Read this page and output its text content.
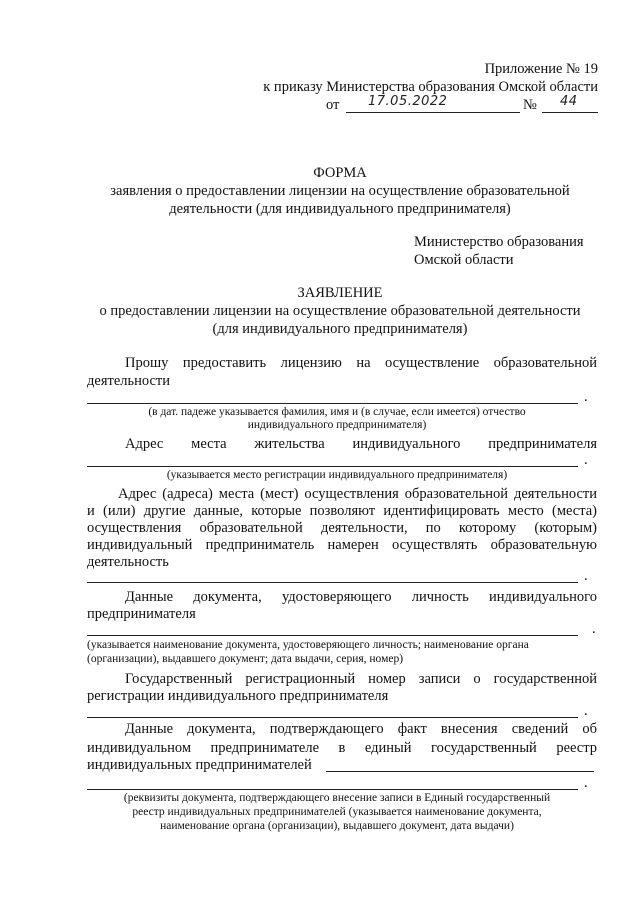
Приложение № 19
к приказу Министерства образования Омской области
от 17.05.2022	№ 44
ФОРМА
заявления о предоставлении лицензии на осуществление образовательной
деятельности (для индивидуального предпринимателя)
Министерство образования
Омской области
ЗАЯВЛЕНИЕ
о предоставлении лицензии на осуществление образовательной деятельности
(для индивидуального предпринимателя)
Прошу предоставить лицензию на осуществление образовательной
деятельности
.
(в дат. падеже указывается фамилия, имя и (в случае, если имеется) отчество
индивидуального предпринимателя)
Адрес места жительства индивидуального предпринимателя
.
(указывается место регистрации индивидуального предпринимателя)
Адрес (адреса) места (мест) осуществления образовательной деятельности
и (или) другие данные, которые позволяют идентифицировать место (места)
осуществления образовательной деятельности, по которому (которым)
индивидуальный предприниматель намерен осуществлять образовательную
деятельность
.
Данные документа, удостоверяющего личность индивидуального
предпринимателя
.
(указывается наименование документа, удостоверяющего личность; наименование органа
(организации), выдавшего документ; дата выдачи, серия, номер)
Государственный регистрационный номер записи о государственной
регистрации индивидуального предпринимателя
.
Данные документа, подтверждающего факт внесения сведений об
индивидуальном предпринимателе в единый государственный реестр
индивидуальных предпринимателей
.
(реквизиты документа, подтверждающего внесение записи в Единый государственный
реестр индивидуальных предпринимателей (указывается наименование документа,
наименование органа (организации), выдавшего документ, дата выдачи)
